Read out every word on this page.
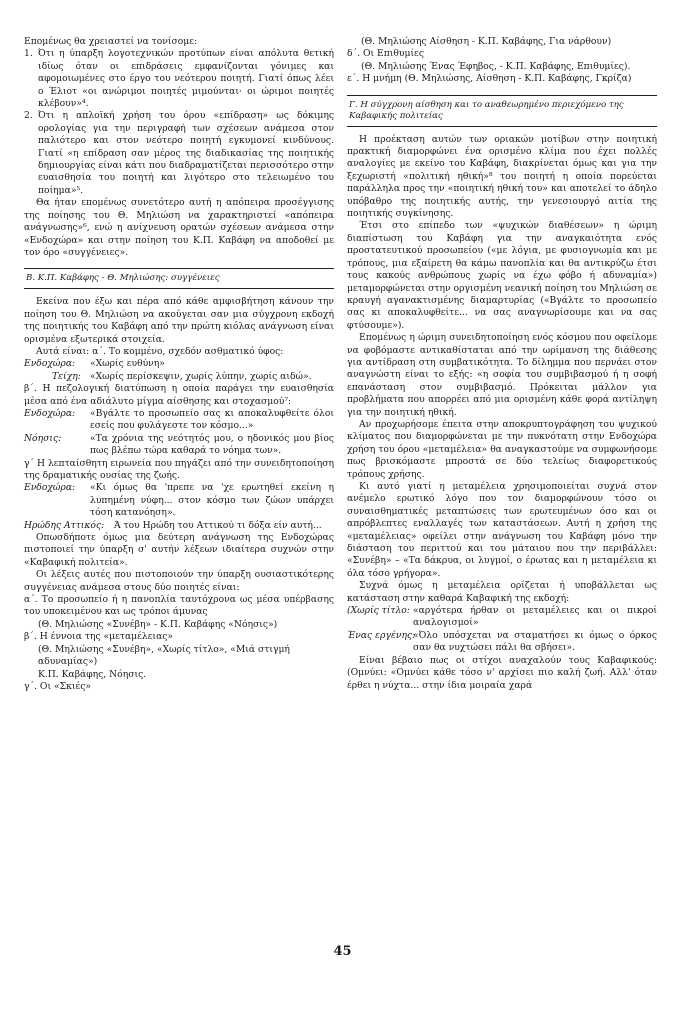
Επομένως θα χρειαστεί να τονίσομε:

1. Ότι η ύπαρξη λογοτεχνικών προτύπων είναι απόλυτα θετική ιδίως όταν οι επιδράσεις εμφανίζονται γόνιμες και αφομοιωμένες στο έργο του νεότερου ποιητή. Γιατί όπως λέει ο Έλιοτ «οι ανώριμοι ποιητές μιμούνται· οι ώριμοι ποιητές κλέβουν»⁴.
2. Ότι η απλοϊκή χρήση του όρου «επίδραση» ως δόκιμης ορολογίας για την περιγραφή των σχέσεων ανάμεσα στον παλιότερο και στον νεότερο ποιητή εγκυμονεί κινδύνους. Γιατί «η επίδραση σαν μέρος της διαδικασίας της ποιητικής δημιουργίας είναι κάτι που διαδραματίζεται περισσότερο στην ευαισθησία του ποιητή και λιγότερο στο τελειωμένο του ποίημα»⁵.

Θα ήταν επομένως συνετότερο αυτή η απόπειρα προσέγγισης της ποίησης του Θ. Μηλιώση να χαρακτηριστεί «απόπειρα ανάγνωσης»⁶, ενώ η ανίχνευση ορατών σχέσεων ανάμεσα στην «Ενδοχώρα» και στην ποίηση του Κ.Π. Καβάφη να αποδοθεί με τον όρο «συγγένειες».

Β. Κ.Π. Καβάφης - Θ. Μηλιώσης: συγγένειες

Εκείνα που έξω και πέρα από κάθε αμφισβήτηση κάνουν την ποίηση του Θ. Μηλιώση να ακούγεται σαν μια σύγχρονη εκδοχή της ποιητικής του Καβάφη από την πρώτη κιόλας ανάγνωση είναι ορισμένα εξωτερικά στοιχεία.

Αυτά είναι: α΄. Το κομμένο, σχεδόν ασθματικό ύφος:

Ενδοχώρα: «Χωρίς ευθύνη»
Τείχη: «Χωρίς περίσκεψιν, χωρίς λύπην, χωρίς αιδώ».

β΄. Η πεζολογική διατύπωση η οποία παράγει την ευαισθησία μέσα από ένα αδιάλυτο μίγμα αίσθησης και στοχασμού⁷:

Ενδοχώρα: «Βγάλτε το προσωπείο σας κι αποκαλυφθείτε όλοι εσείς που φυλάγεστε τον κόσμο...»
Νόησις:	«Τα χρόνια της νεότητός μου, ο ηδονικός μου βίος πως βλέπω τώρα καθαρά το νόημα των».

γ΄ Η λεπταίσθητη ειρωνεία που πηγάζει από την συνειδητοποίηση της δραματικής ουσίας της ζωής.

Ενδοχώρα: «Κι όμως θα 'πρεπε να 'χε ερωτηθεί εκείνη η λυπημένη νύφη... στον κόσμο των ζώων υπάρχει τόση κατανόηση».
Ηρώδης Αττικός: Ά του Ηρώδη του Αττικού τι δόξα είν αυτή...

Οπωσδήποτε όμως μια δεύτερη ανάγνωση της Ενδοχώρας πιστοποιεί την ύπαρξη σ' αυτήν λέξεων ιδιαίτερα συχνών στην «Καβαφική πολιτεία».

Οι λέξεις αυτές που πιστοποιούν την ύπαρξη ουσιαστικότερης συγγένειας ανάμεσα στους δύο ποιητές είναι:

α΄. Το προσωπείο ή η πανοπλία ταυτόχρονα ως μέσα υπέρβασης του υποκειμένου και ως τρόποι άμυνας

(Θ. Μηλιώσης «Συνέβη» - Κ.Π. Καβάφης «Νόησις»)

β΄. Η έννοια της «μεταμέλειας»

(Θ. Μηλιώσης «Συνέβη», «Χωρίς τίτλο», «Μιά στιγμή αδυναμίας»)

Κ.Π. Καβάφης, Νόησις.

γ΄. Οι «Σκιές»

(Θ. Μηλιώσης Αίσθηση - Κ.Π. Καβάφης, Για νάρθουν)

δ΄. Οι Επιθυμίες

(Θ. Μηλιώσης Ένας Έφηβος, - Κ.Π. Καβάφης, Επιθυμίες).

ε΄. Η μνήμη (Θ. Μηλιώσης, Αίσθηση - Κ.Π. Καβάφης, Γκρίζα)

Γ. Η σύγχρονη αίσθηση και το αναθεωρημένο περιεχόμενο της Καβαφικής πολιτείας

Η προέκταση αυτών των οριακών μοτίβων στην ποιητική πρακτική διαμορφώνει ένα ορισμένο κλίμα που έχει πολλές αναλογίες με εκείνο του Καβάφη, διακρίνεται όμως και για την ξεχωριστή «πολιτική ηθική»⁸ του ποιητή η οποία πορεύεται παράλληλα προς την «ποιητική ηθική του» και αποτελεί το άδηλο υπόβαθρο της ποιητικής αυτής, την γενεσιουργό αιτία της ποιητικής συγκίνησης.

Έτσι στο επίπεδο των «ψυχικών διαθέσεων» η ώριμη διαπίστωση του Καβάφη για την αναγκαιότητα ενός προστατευτικού προσωπείου («με λόγια, με φυσιογνωμία και με τρόπους, μια εξαίρετη θα κάμω πανοπλία και θα αντικρύζω έτσι τους κακούς ανθρώπους χωρίς να έχω φόβο ή αδυναμία») μεταμορφώνεται στην οργισμένη νεανική ποίηση του Μηλιώση σε κραυγή αγανακτισμένης διαμαρτυρίας («Βγάλτε το προσωπείο σας κι αποκαλυφθείτε... να σας αναγνωρίσουμε και να σας φτύσουμε»).

Επομένως η ώριμη συνειδητοποίηση ενός κόσμου που οφείλομε να φοβόμαστε αντικαθίσταται από την ωρίμανση της διάθεσης για αντίδραση στη συμβατικότητα. Το δίλημμα που περνάει στον αναγνώστη είναι το εξής: «η σοφία του συμβιβασμού ή η σοφή επανάσταση στον συμβιβασμό. Πρόκειται μάλλον για προβλήματα που απορρέει από μια ορισμένη κάθε φορά αντίληψη για την ποιητική ηθική.

Αν προχωρήσομε έπειτα στην αποκρυπτογράφηση του ψυχικού κλίματος που διαμορφώνεται με την πυκνότατη στην Ενδοχώρα χρήση του όρου «μεταμέλεια» θα αναγκαστούμε να συμφωνήσομε πως βρισκόμαστε μπροστά σε δύο τελείως διαφορετικούς τρόπους χρήσης.

Κι αυτό γιατί η μεταμέλεια χρησιμοποιείται συχνά στον ανέμελο ερωτικό λόγο που τον διαμορφώνουν τόσο οι συναισθηματικές μεταπτώσεις των ερωτευμένων όσο και οι απρόβλεπτες εναλλαγές των καταστάσεων. Αυτή η χρήση της «μεταμέλειας» οφείλει στην ανάγνωση του Καβάφη μόνο την διάσταση του περιττού και του μάταιου που την περιβάλλει: «Συνέβη» – «Τα δάκρυα, οι λυγμοί, ο έρωτας και η μεταμέλεια κι όλα τόσο γρήγορα».

Συχνά όμως η μεταμέλεια ορίζεται ή υποβάλλεται ως κατάσταση στην καθαρά Καβαφική της εκδοχή:

(Χωρίς τίτλο: «αργότερα ήρθαν οι μεταμέλειες και οι πικροί αναλογισμοί»
Ένας εργένης:
«Όλο υπόσχεται να σταματήσει κι όμως ο όρκος σαν θα νυχτώσει πάλι θα σβήσει».

Είναι βέβαιο πως οι στίχοι αναχαλούν τους Καβαφικούς: (Ομνύει: «Ομνύει κάθε τόσο ν' αρχίσει πιο καλή ζωή. Αλλ' όταν έρθει η νύχτα... στην ίδια μοιραία χαρά

45
